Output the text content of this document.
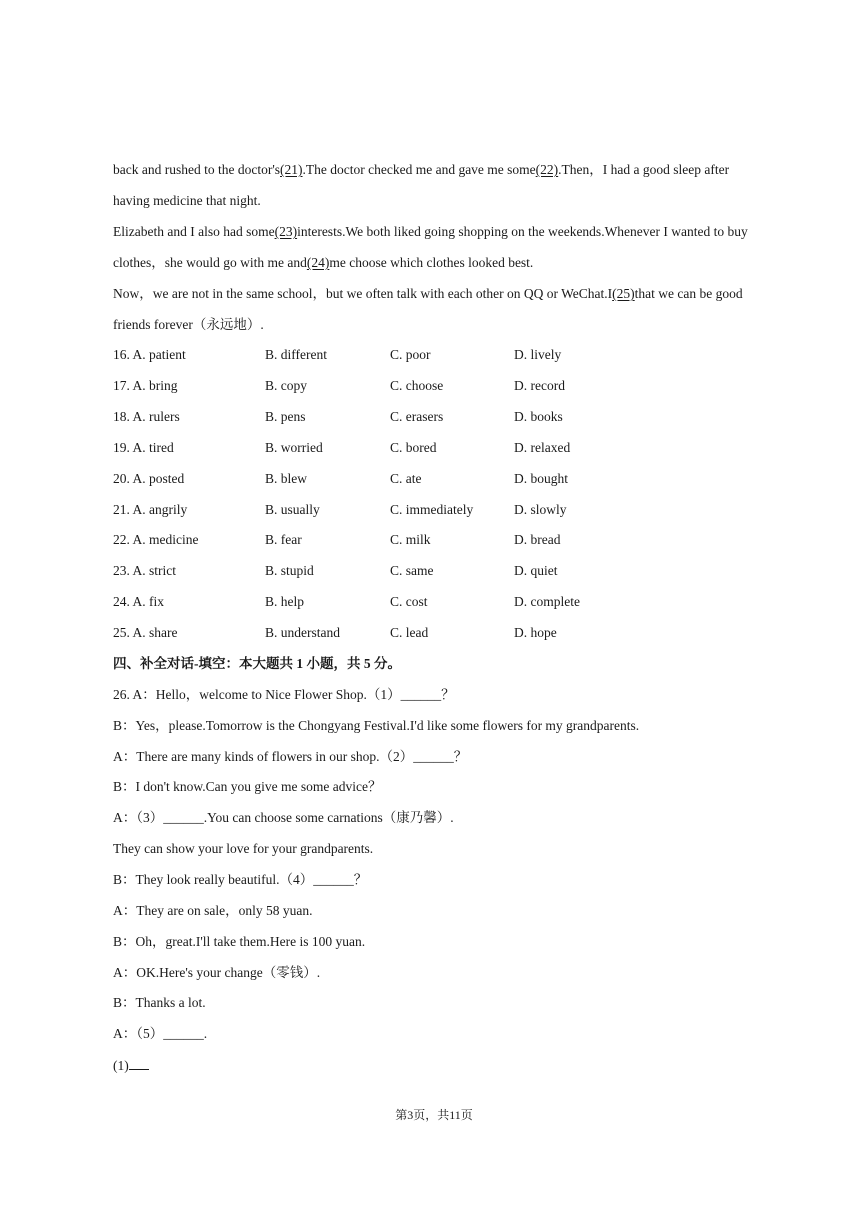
back and rushed to the doctor's(21).The doctor checked me and gave me some(22).Then，I had a good sleep after
having medicine that night.
Elizabeth and I also had some(23)interests.We both liked going shopping on the weekends.Whenever I wanted to buy
clothes，she would go with me and(24)me choose which clothes looked best.
Now，we are not in the same school，but we often talk with each other on QQ or WeChat.I(25)that we can be good
friends forever（永远地）.
16. A. patient	B. different	C. poor	D. lively
17. A. bring	B. copy	C. choose	D. record
18. A. rulers	B. pens	C. erasers	D. books
19. A. tired	B. worried	C. bored	D. relaxed
20. A. posted	B. blew	C. ate	D. bought
21. A. angrily	B. usually	C. immediately	D. slowly
22. A. medicine	B. fear	C. milk	D. bread
23. A. strict	B. stupid	C. same	D. quiet
24. A. fix	B. help	C. cost	D. complete
25. A. share	B. understand	C. lead	D. hope
四、补全对话-填空：本大题共 1 小题，共 5 分。
26. A：Hello，welcome to Nice Flower Shop.（1）______？
B：Yes，please.Tomorrow is the Chongyang Festival.I'd like some flowers for my grandparents.
A：There are many kinds of flowers in our shop.（2）______？
B：I don't know.Can you give me some advice？
A：（3）______.You can choose some carnations（康乃馨）.
They can show your love for your grandparents.
B：They look really beautiful.（4）______？
A：They are on sale，only 58 yuan.
B：Oh，great.I'll take them.Here is 100 yuan.
A：OK.Here's your change（零钱）.
B：Thanks a lot.
A：（5）______.
(1)
第3页，共11页
